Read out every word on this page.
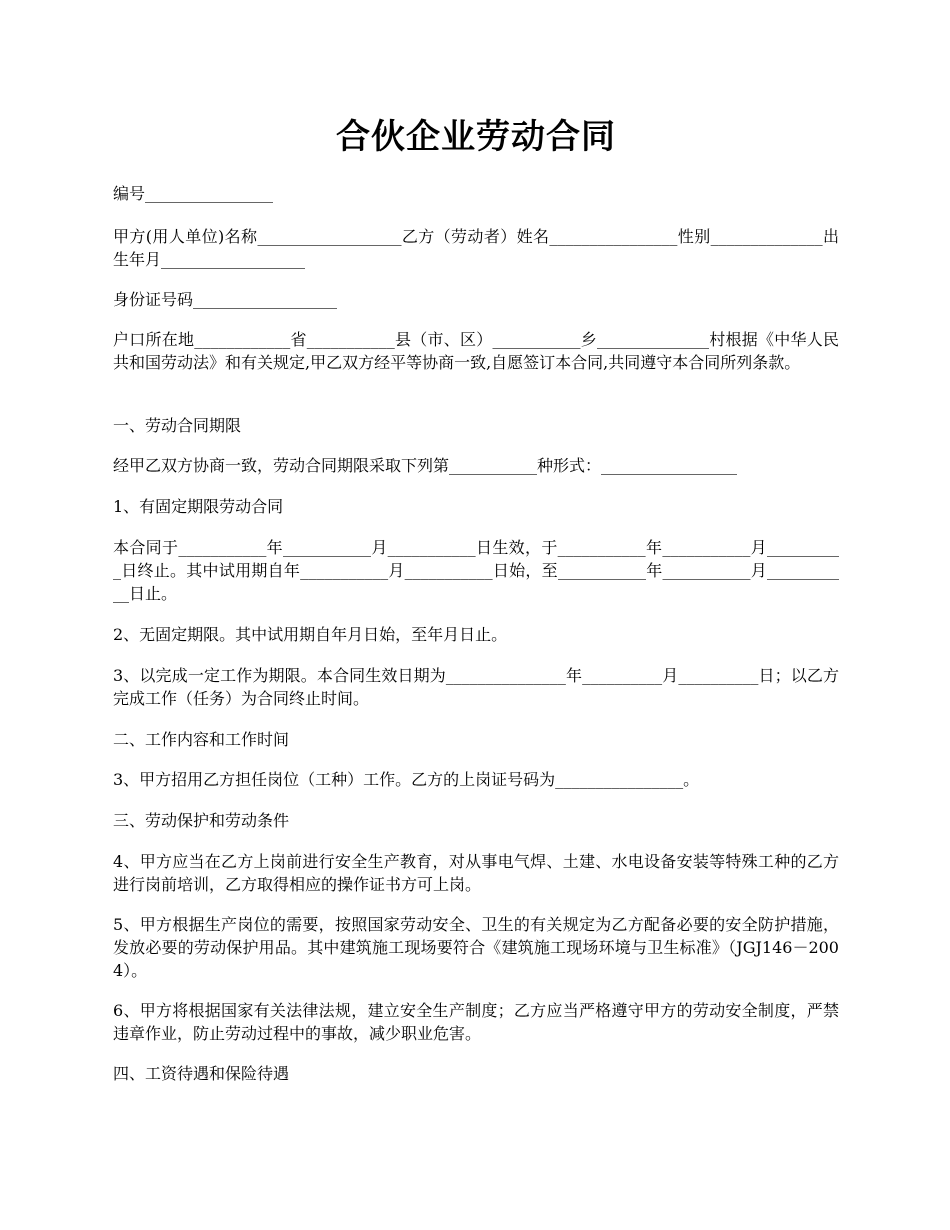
合伙企业劳动合同

编号________________

甲方(用人单位)名称__________________乙方（劳动者）姓名________________性别______________出生年月__________________

身份证号码__________________

户口所在地____________省___________县（市、区）___________乡______________村根据《中华人民共和国劳动法》和有关规定,甲乙双方经平等协商一致,自愿签订本合同,共同遵守本合同所列条款。

一、劳动合同期限

经甲乙双方协商一致，劳动合同期限采取下列第___________种形式：_________________

1、有固定期限劳动合同

本合同于___________年___________月___________日生效，于___________年___________月__________日终止。其中试用期自年___________月___________日始，至___________年___________月___________日止。

2、无固定期限。其中试用期自年月日始，至年月日止。

3、以完成一定工作为期限。本合同生效日期为_______________年__________月__________日；以乙方完成工作（任务）为合同终止时间。

二、工作内容和工作时间

3、甲方招用乙方担任岗位（工种）工作。乙方的上岗证号码为________________。

三、劳动保护和劳动条件

4、甲方应当在乙方上岗前进行安全生产教育，对从事电气焊、土建、水电设备安装等特殊工种的乙方进行岗前培训，乙方取得相应的操作证书方可上岗。

5、甲方根据生产岗位的需要，按照国家劳动安全、卫生的有关规定为乙方配备必要的安全防护措施，发放必要的劳动保护用品。其中建筑施工现场要符合《建筑施工现场环境与卫生标准》（JGJ146－2004）。

6、甲方将根据国家有关法律法规，建立安全生产制度；乙方应当严格遵守甲方的劳动安全制度，严禁违章作业，防止劳动过程中的事故，减少职业危害。

四、工资待遇和保险待遇
